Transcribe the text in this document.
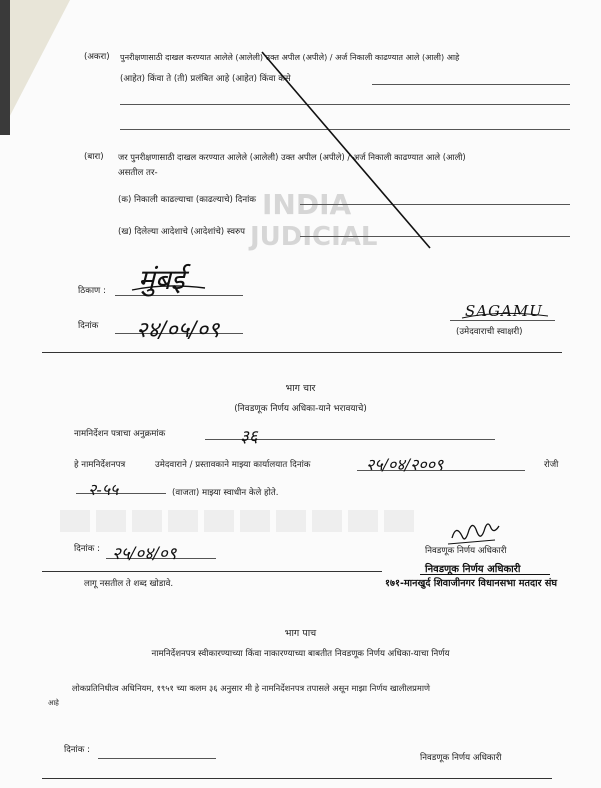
INDIA
JUDICIAL
(अकरा) पुनरीक्षणासाठी दाखल करण्यात आलेले (आलेली) उक्त अपील (अपीले) / अर्ज निकाली काढण्यात आले (आली) आहे
(आहेत) किंवा ते (ती) प्रलंबित आहे (आहेत) किंवा कसे
(बारा) जर पुनरीक्षणासाठी दाखल करण्यात आलेले (आलेली) उक्त अपील (अपीले) / अर्ज निकाली काढण्यात आले (आली)
असतील तर-
(क) निकाली काढल्याचा (काढल्याचे) दिनांक
(ख) दिलेल्या आदेशाचे (आदेशांचे) स्वरुप
ठिकाण : मुंबई
दिनांक २४/०५/०९
SAGAMU
(उमेदवाराची स्वाक्षरी)
भाग चार
(निवडणूक निर्णय अधिका-याने भरावयाचे)
नामनिर्देशन पत्राचा अनुक्रमांक	३६
हे नामनिर्देशनपत्र	उमेदवाराने / प्रस्तावकाने माझ्या कार्यालयात दिनांक	२५/०४/२००९	रोजी
२-५५	(वाजता) माझ्या स्वाधीन केले होते.
दिनांक : २५/०४/०९	निवडणूक निर्णय अधिकारी
निवडणूक निर्णय अधिकारी
१७१-मानखुर्द शिवाजीनगर विधानसभा मतदार संघ
लागू नसतील ते शब्द खोडावे.
भाग पाच
नामनिर्देशनपत्र स्वीकारण्याच्या किंवा नाकारण्याच्या बाबतीत निवडणूक निर्णय अधिका-याचा निर्णय
लोकप्रतिनिधीत्व अधिनियम, १९५१ च्या कलम ३६ अनुसार मी हे नामनिर्देशनपत्र तपासले असून माझा निर्णय खालीलप्रमाणे
आहे
दिनांक :
निवडणूक निर्णय अधिकारी
